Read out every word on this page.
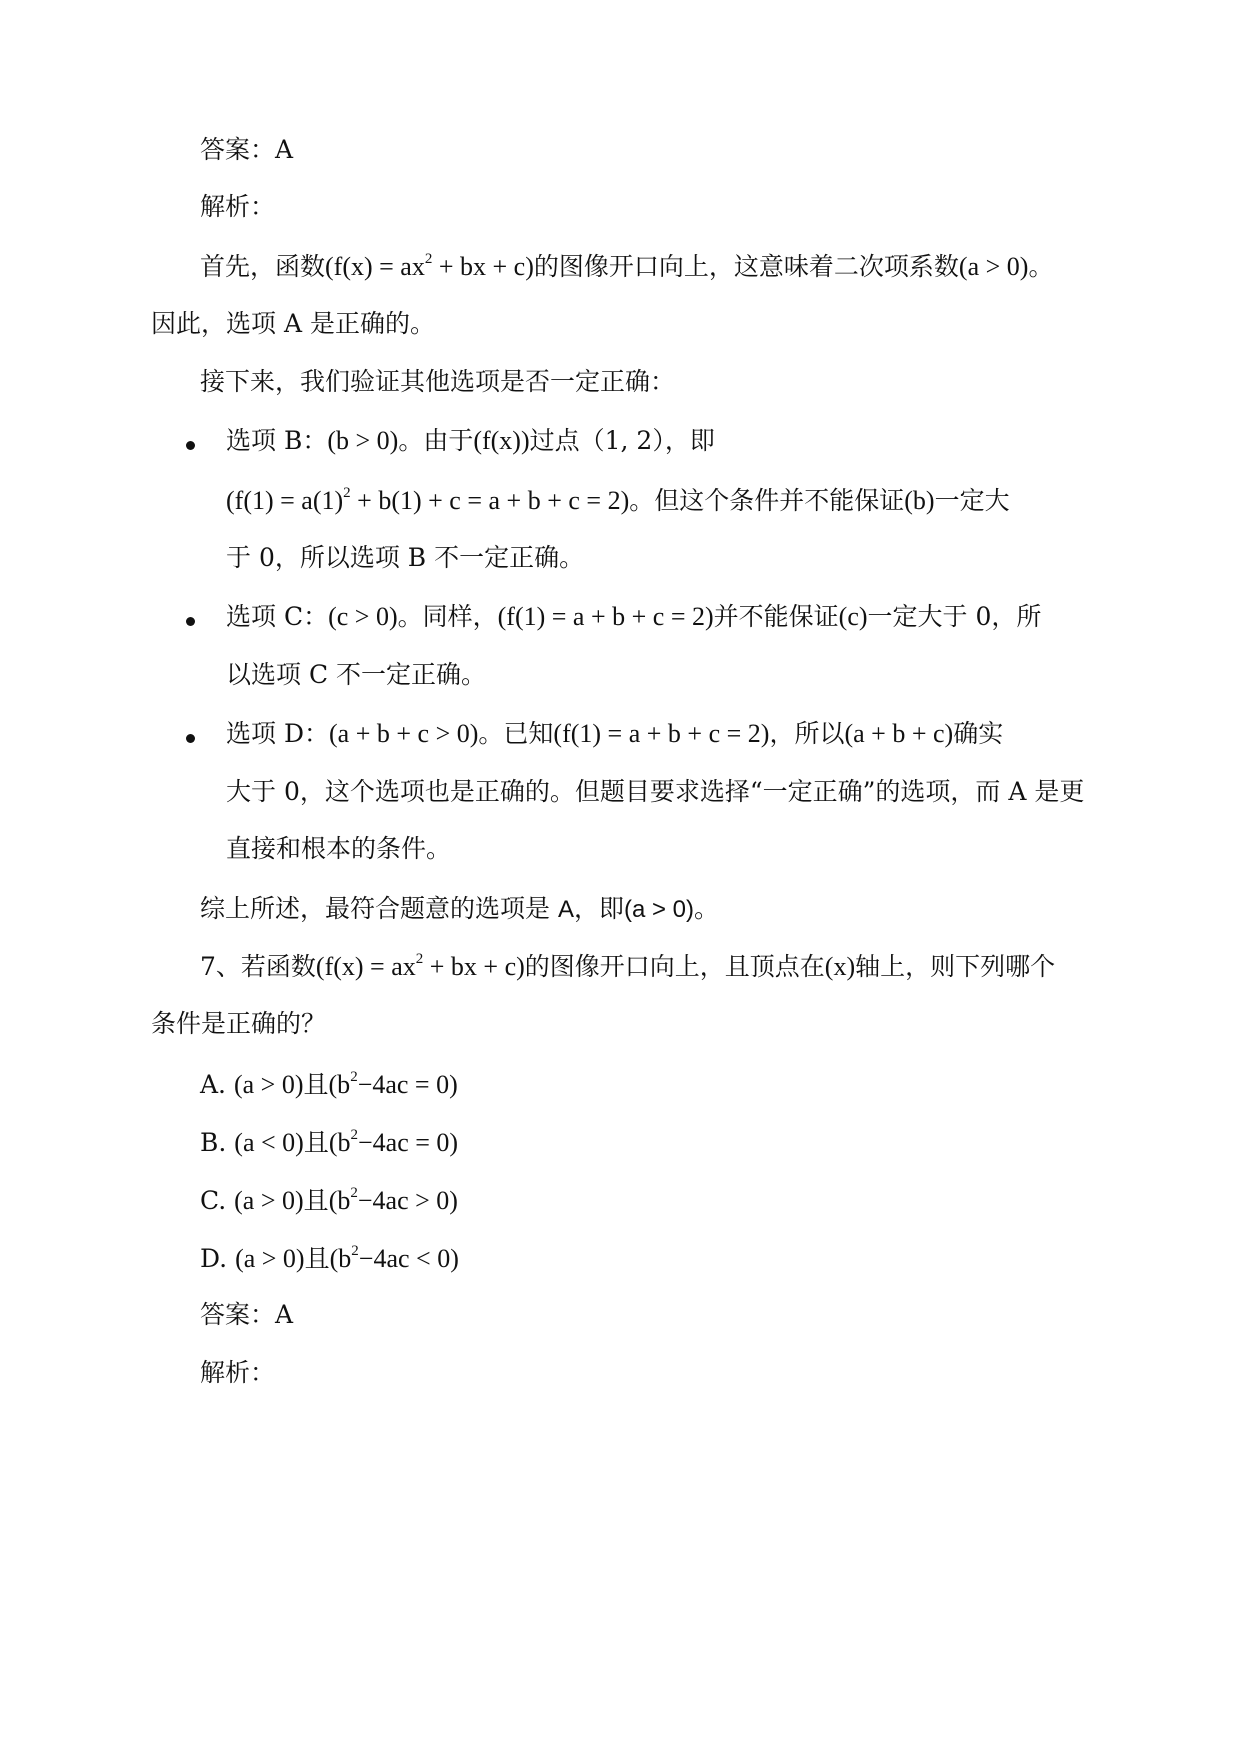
答案：A
解析：
首先，函数($f(x) = ax^2$ + bx + c)的图像开口向上，这意味着二次项系数(a > 0)。
因此，选项 A 是正确的。
接下来，我们验证其他选项是否一定正确：
选项 B：(b > 0)。由于(f(x))过点（1, 2），即
$(f(1) = a(1)^2 + b(1) + c = a + b + c = 2)$。但这个条件并不能保证(b)一定大
于 0，所以选项 B 不一定正确。
选项 C：(c > 0)。同样，(f(1) = a + b + c = 2)并不能保证(c)一定大于 0，所
以选项 C 不一定正确。
选项 D：(a + b + c > 0)。已知(f(1) = a + b + c = 2)，所以(a + b + c)确实
大于 0，这个选项也是正确的。但题目要求选择“一定正确”的选项，而 A 是更
直接和根本的条件。
综上所述，最符合题意的选项是 A，即(a > 0)。
7、若函数($f(x) = ax^2$ + bx + c)的图像开口向上，且顶点在(x)轴上，则下列哪个
条件是正确的？
A. (a > 0)且$(b^2-4ac = 0)$
B. (a < 0)且$(b^2-4ac = 0)$
C. (a > 0)且$(b^2-4ac > 0)$
D. (a > 0)且$(b^2-4ac < 0)$
答案：A
解析：
